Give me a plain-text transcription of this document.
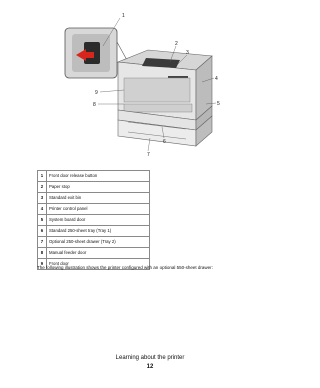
1
2
3
4
5
6
7
8
9
1	Front door release button
2	Paper stop
3	Standard exit bin
4	Printer control panel
5	System board door
6	Standard 250-sheet tray (Tray 1)
7	Optional 250-sheet drawer (Tray 2)
8	Manual feeder door
9	Front door
The following illustration shows the printer configured with an optional 550-sheet drawer:
Learning about the printer
12
